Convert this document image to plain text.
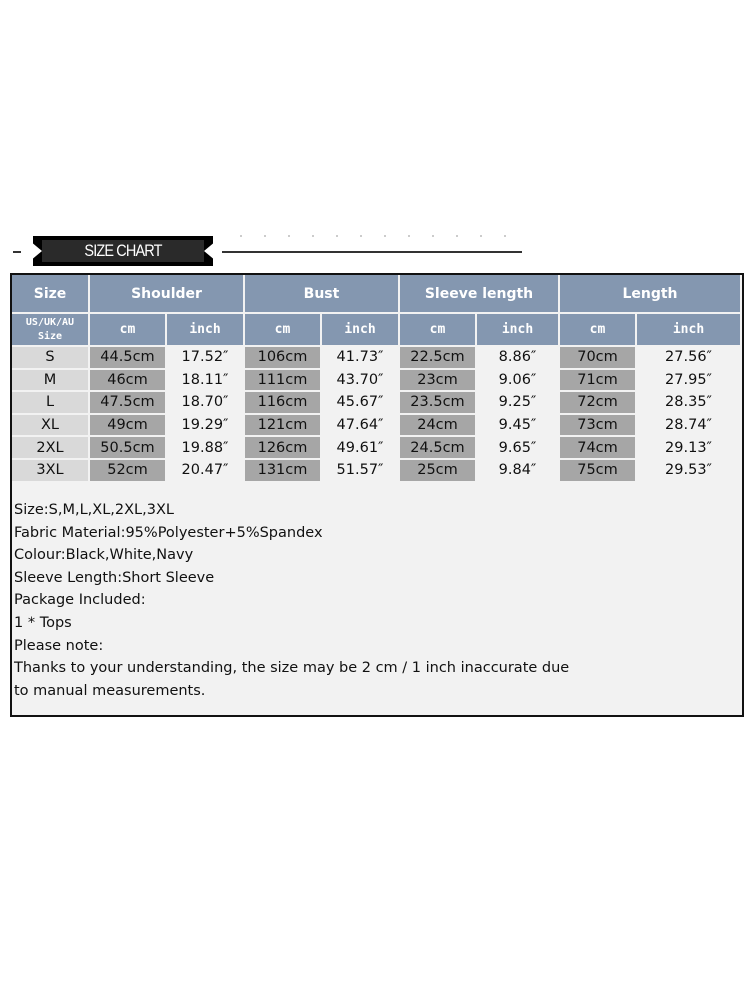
SIZE CHART
Size	Shoulder		Bust		Sleeve length		Length	

US/UK/AU
Size	cm	inch	cm	inch	cm	inch	cm	inch
S	44.5cm	17.52″	106cm	41.73″	22.5cm	8.86″	70cm	27.56″
M	46cm	18.11″	111cm	43.70″	23cm	9.06″	71cm	27.95″
L	47.5cm	18.70″	116cm	45.67″	23.5cm	9.25″	72cm	28.35″
XL	49cm	19.29″	121cm	47.64″	24cm	9.45″	73cm	28.74″
2XL	50.5cm	19.88″	126cm	49.61″	24.5cm	9.65″	74cm	29.13″
3XL	52cm	20.47″	131cm	51.57″	25cm	9.84″	75cm	29.53″
Size:S,M,L,XL,2XL,3XL
Fabric Material:95%Polyester+5%Spandex
Colour:Black,White,Navy
Sleeve Length:Short Sleeve
Package Included:
1 * Tops
Please note:
Thanks to your understanding, the size may be 2 cm / 1 inch inaccurate due
to manual measurements.
